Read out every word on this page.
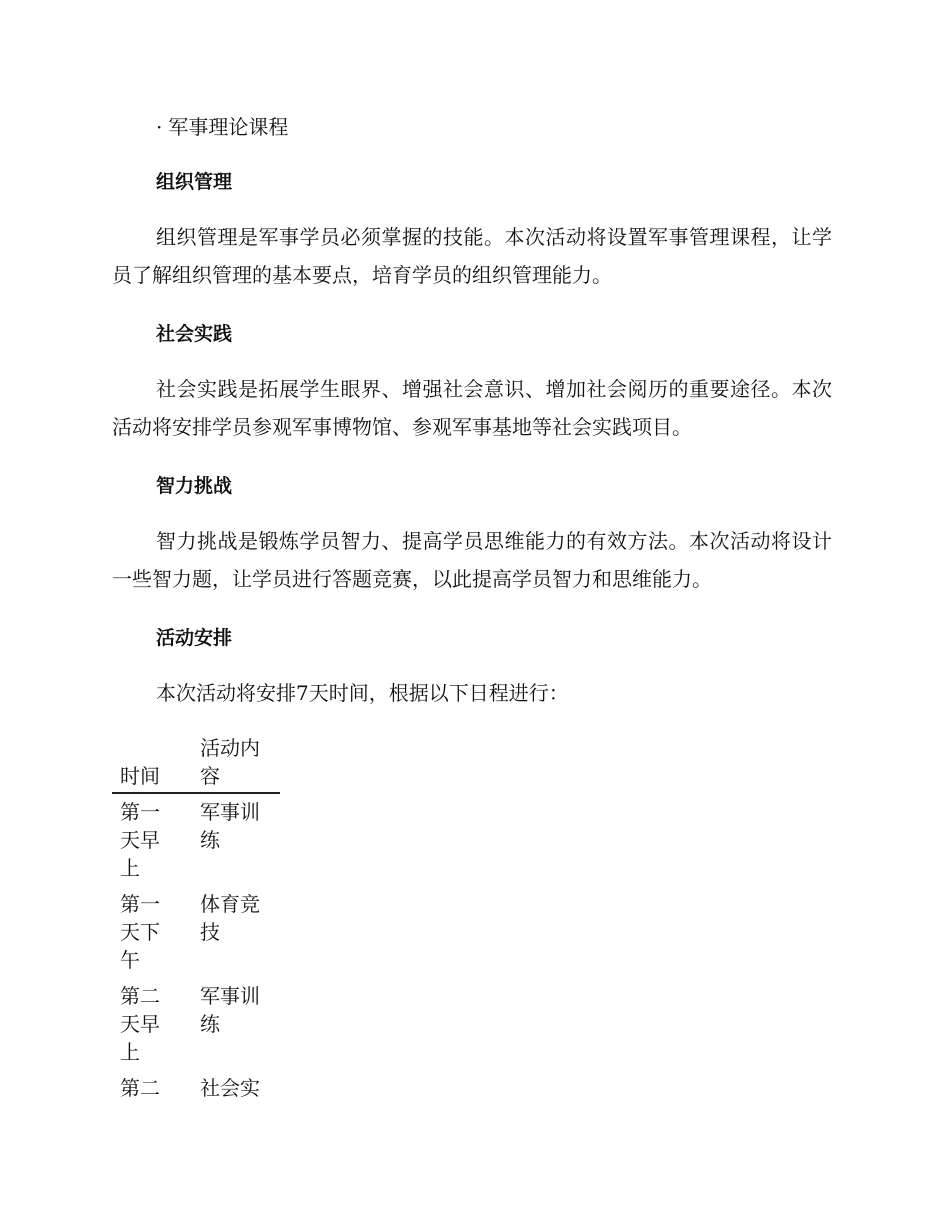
· 军事理论课程
组织管理
组织管理是军事学员必须掌握的技能。本次活动将设置军事管理课程，让学员了解组织管理的基本要点，培育学员的组织管理能力。
社会实践
社会实践是拓展学生眼界、增强社会意识、增加社会阅历的重要途径。本次活动将安排学员参观军事博物馆、参观军事基地等社会实践项目。
智力挑战
智力挑战是锻炼学员智力、提高学员思维能力的有效方法。本次活动将设计一些智力题，让学员进行答题竞赛，以此提高学员智力和思维能力。
活动安排
本次活动将安排7天时间，根据以下日程进行：
时间
活动内容
第一天早上
军事训练
第一天下午
体育竞技
第二天早上
军事训练
第二 社会实
